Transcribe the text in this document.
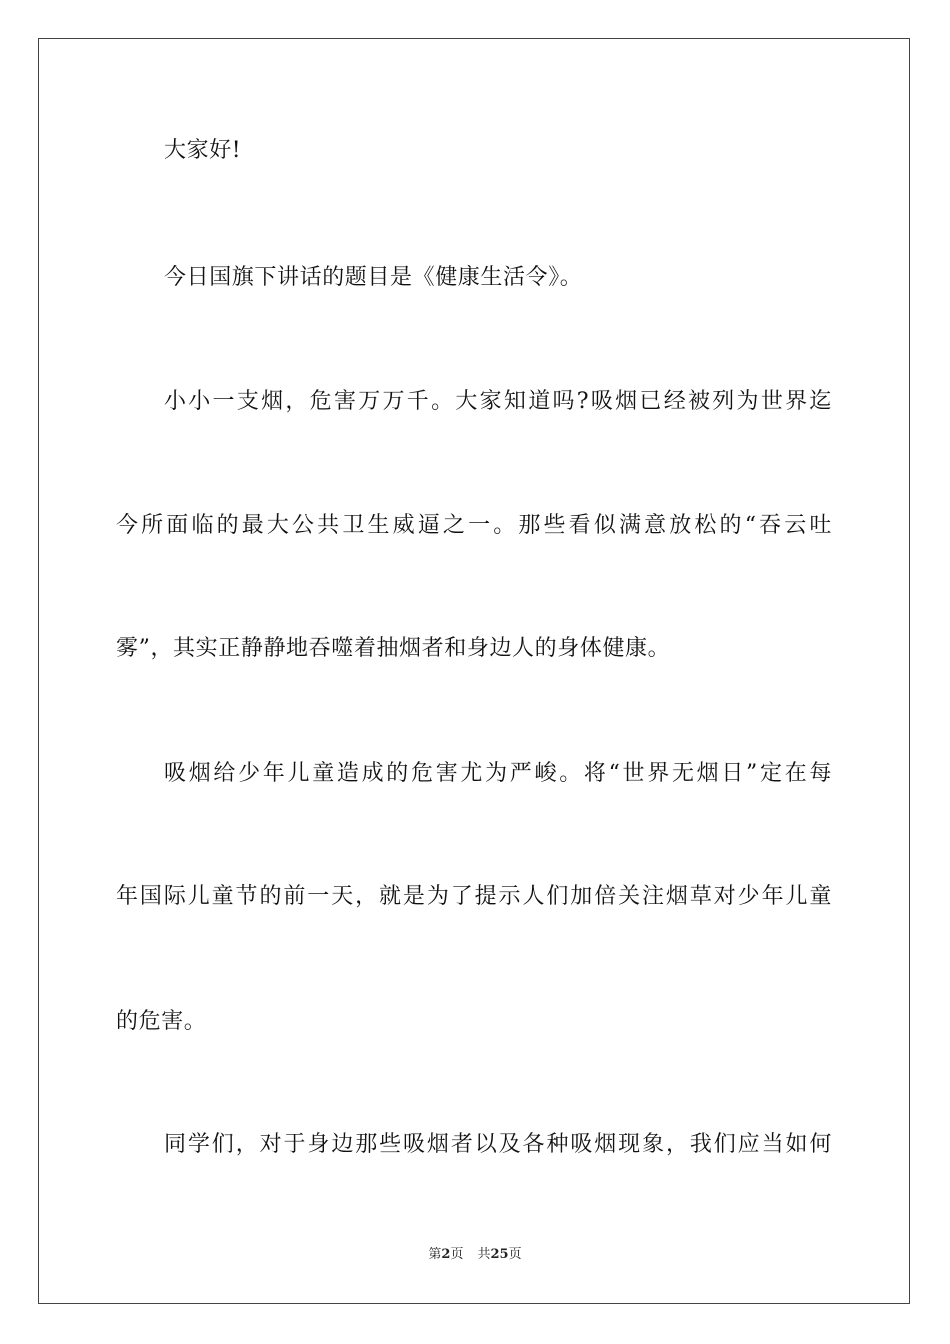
大家好!
今日国旗下讲话的题目是《健康生活令》。
小小一支烟，危害万万千。大家知道吗?吸烟已经被列为世界迄
今所面临的最大公共卫生威逼之一。那些看似满意放松的“吞云吐
雾”，其实正静静地吞噬着抽烟者和身边人的身体健康。
吸烟给少年儿童造成的危害尤为严峻。将“世界无烟日”定在每
年国际儿童节的前一天，就是为了提示人们加倍关注烟草对少年儿童
的危害。
同学们，对于身边那些吸烟者以及各种吸烟现象，我们应当如何
第2页 共25页
